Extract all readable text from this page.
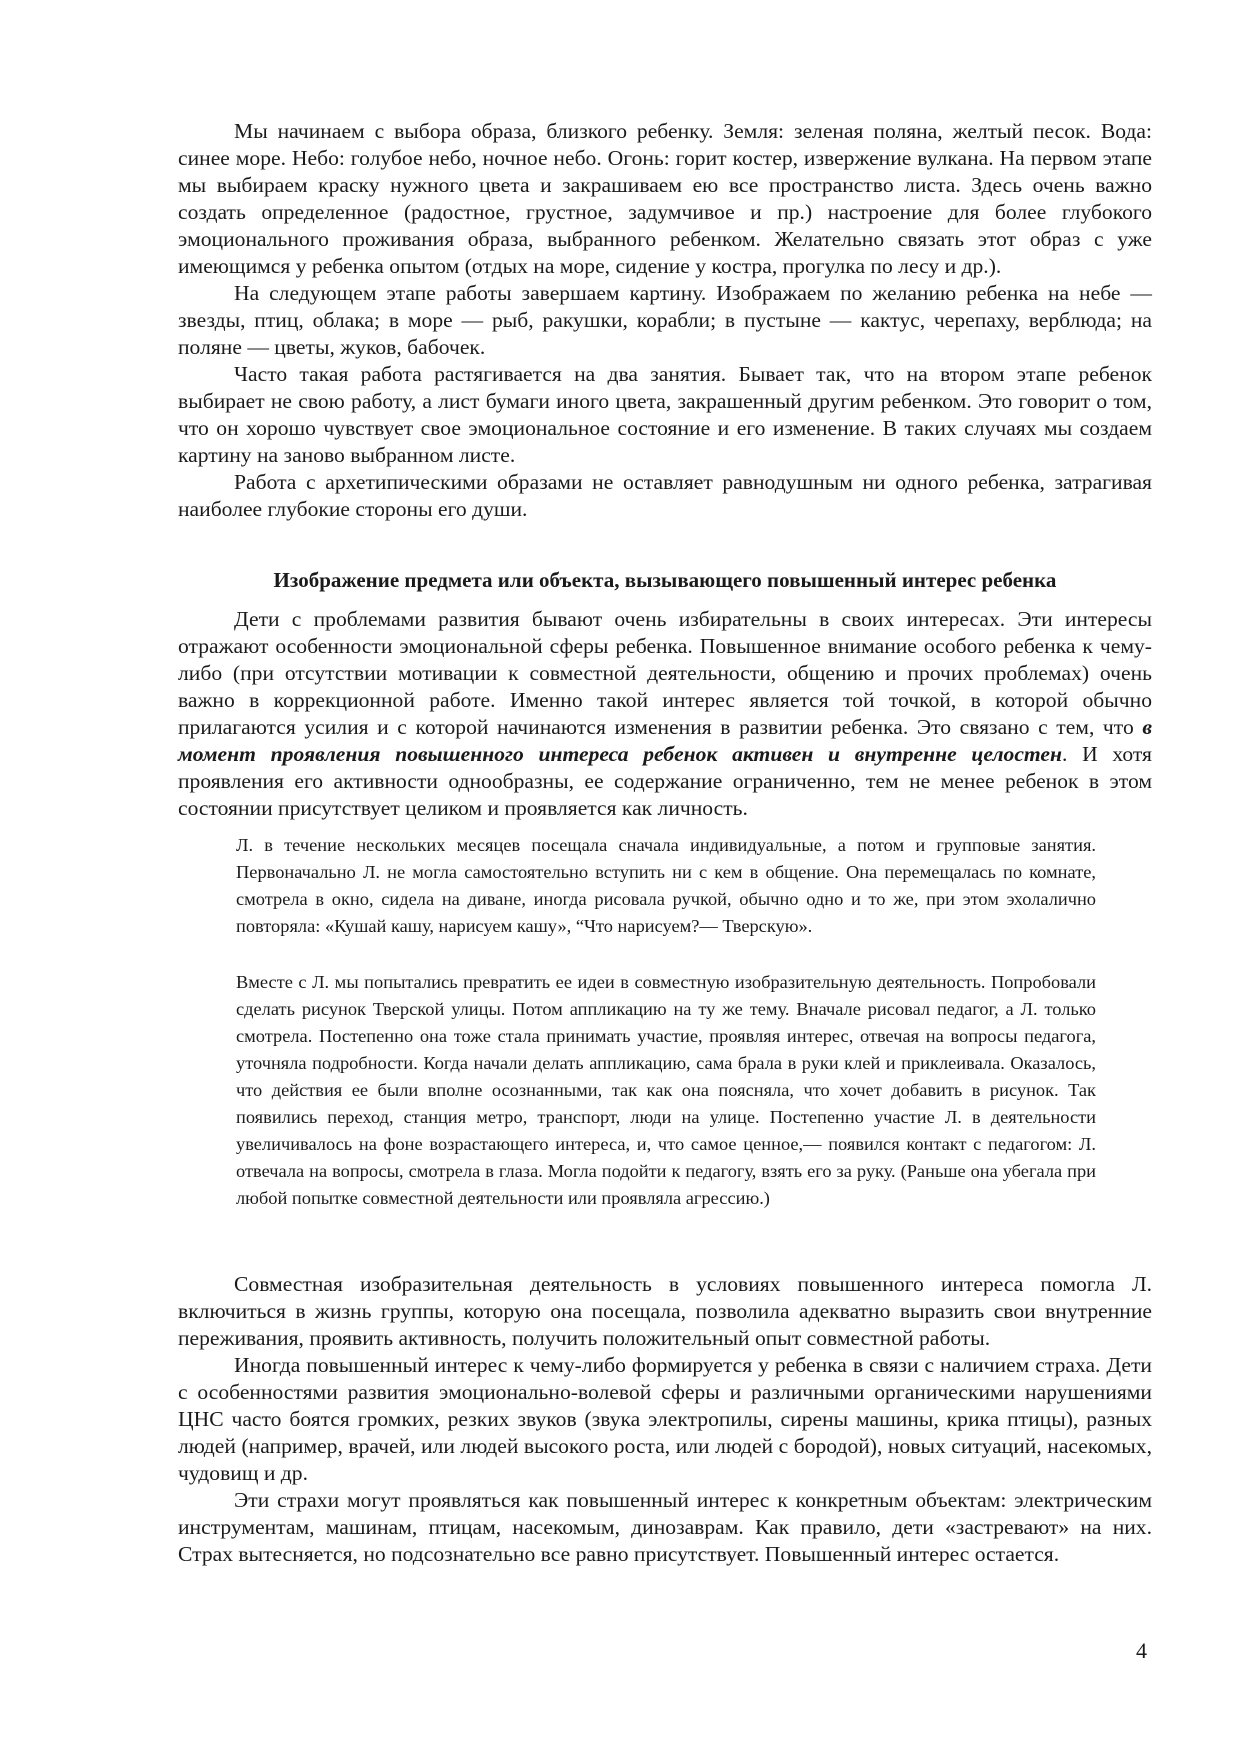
Мы начинаем с выбора образа, близкого ребенку. Земля: зеленая поляна, желтый песок. Вода: синее море. Небо: голубое небо, ночное небо. Огонь: горит костер, извержение вулкана. На первом этапе мы выбираем краску нужного цвета и закрашиваем ею все пространство листа. Здесь очень важно создать определенное (радостное, грустное, задумчивое и пр.) настроение для более глубокого эмоционального проживания образа, выбранного ребенком. Желательно связать этот образ с уже имеющимся у ребенка опытом (отдых на море, сидение у костра, прогулка по лесу и др.).

На следующем этапе работы завершаем картину. Изображаем по желанию ребенка на небе — звезды, птиц, облака; в море — рыб, ракушки, корабли; в пустыне — кактус, черепаху, верблюда; на поляне — цветы, жуков, бабочек.

Часто такая работа растягивается на два занятия. Бывает так, что на втором этапе ребенок выбирает не свою работу, а лист бумаги иного цвета, закрашенный другим ребенком. Это говорит о том, что он хорошо чувствует свое эмоциональное состояние и его изменение. В таких случаях мы создаем картину на заново выбранном листе.

Работа с архетипическими образами не оставляет равнодушным ни одного ребенка, затрагивая наиболее глубокие стороны его души.

Изображение предмета или объекта, вызывающего повышенный интерес ребенка

Дети с проблемами развития бывают очень избирательны в своих интересах. Эти интересы отражают особенности эмоциональной сферы ребенка. Повышенное внимание особого ребенка к чему-либо (при отсутствии мотивации к совместной деятельности, общению и прочих проблемах) очень важно в коррекционной работе. Именно такой интерес является той точкой, в которой обычно прилагаются усилия и с которой начинаются изменения в развитии ребенка. Это связано с тем, что в момент проявления повышенного интереса ребенок активен и внутренне целостен. И хотя проявления его активности однообразны, ее содержание ограниченно, тем не менее ребенок в этом состоянии присутствует целиком и проявляется как личность.

Л. в течение нескольких месяцев посещала сначала индивидуальные, а потом и групповые занятия. Первоначально Л. не могла самостоятельно вступить ни с кем в общение. Она перемещалась по комнате, смотрела в окно, сидела на диване, иногда рисовала ручкой, обычно одно и то же, при этом эхолалично повторяла: «Кушай кашу, нарисуем кашу», “Что нарисуем?— Тверскую».

Вместе с Л. мы попытались превратить ее идеи в совместную изобразительную деятельность. Попробовали сделать рисунок Тверской улицы. Потом аппликацию на ту же тему. Вначале рисовал педагог, а Л. только смотрела. Постепенно она тоже стала принимать участие, проявляя интерес, отвечая на вопросы педагога, уточняла подробности. Когда начали делать аппликацию, сама брала в руки клей и приклеивала. Оказалось, что действия ее были вполне осознанными, так как она поясняла, что хочет добавить в рисунок. Так появились переход, станция метро, транспорт, люди на улице. Постепенно участие Л. в деятельности увеличивалось на фоне возрастающего интереса, и, что самое ценное,— появился контакт с педагогом: Л. отвечала на вопросы, смотрела в глаза. Могла подойти к педагогу, взять его за руку. (Раньше она убегала при любой попытке совместной деятельности или проявляла агрессию.)

Совместная изобразительная деятельность в условиях повышенного интереса помогла Л. включиться в жизнь группы, которую она посещала, позволила адекватно выразить свои внутренние переживания, проявить активность, получить положительный опыт совместной работы.

Иногда повышенный интерес к чему-либо формируется у ребенка в связи с наличием страха. Дети с особенностями развития эмоционально-волевой сферы и различными органическими нарушениями ЦНС часто боятся громких, резких звуков (звука электропилы, сирены машины, крика птицы), разных людей (например, врачей, или людей высокого роста, или людей с бородой), новых ситуаций, насекомых, чудовищ и др.

Эти страхи могут проявляться как повышенный интерес к конкретным объектам: электрическим инструментам, машинам, птицам, насекомым, динозаврам. Как правило, дети «застревают» на них. Страх вытесняется, но подсознательно все равно присутствует. Повышенный интерес остается.

4
